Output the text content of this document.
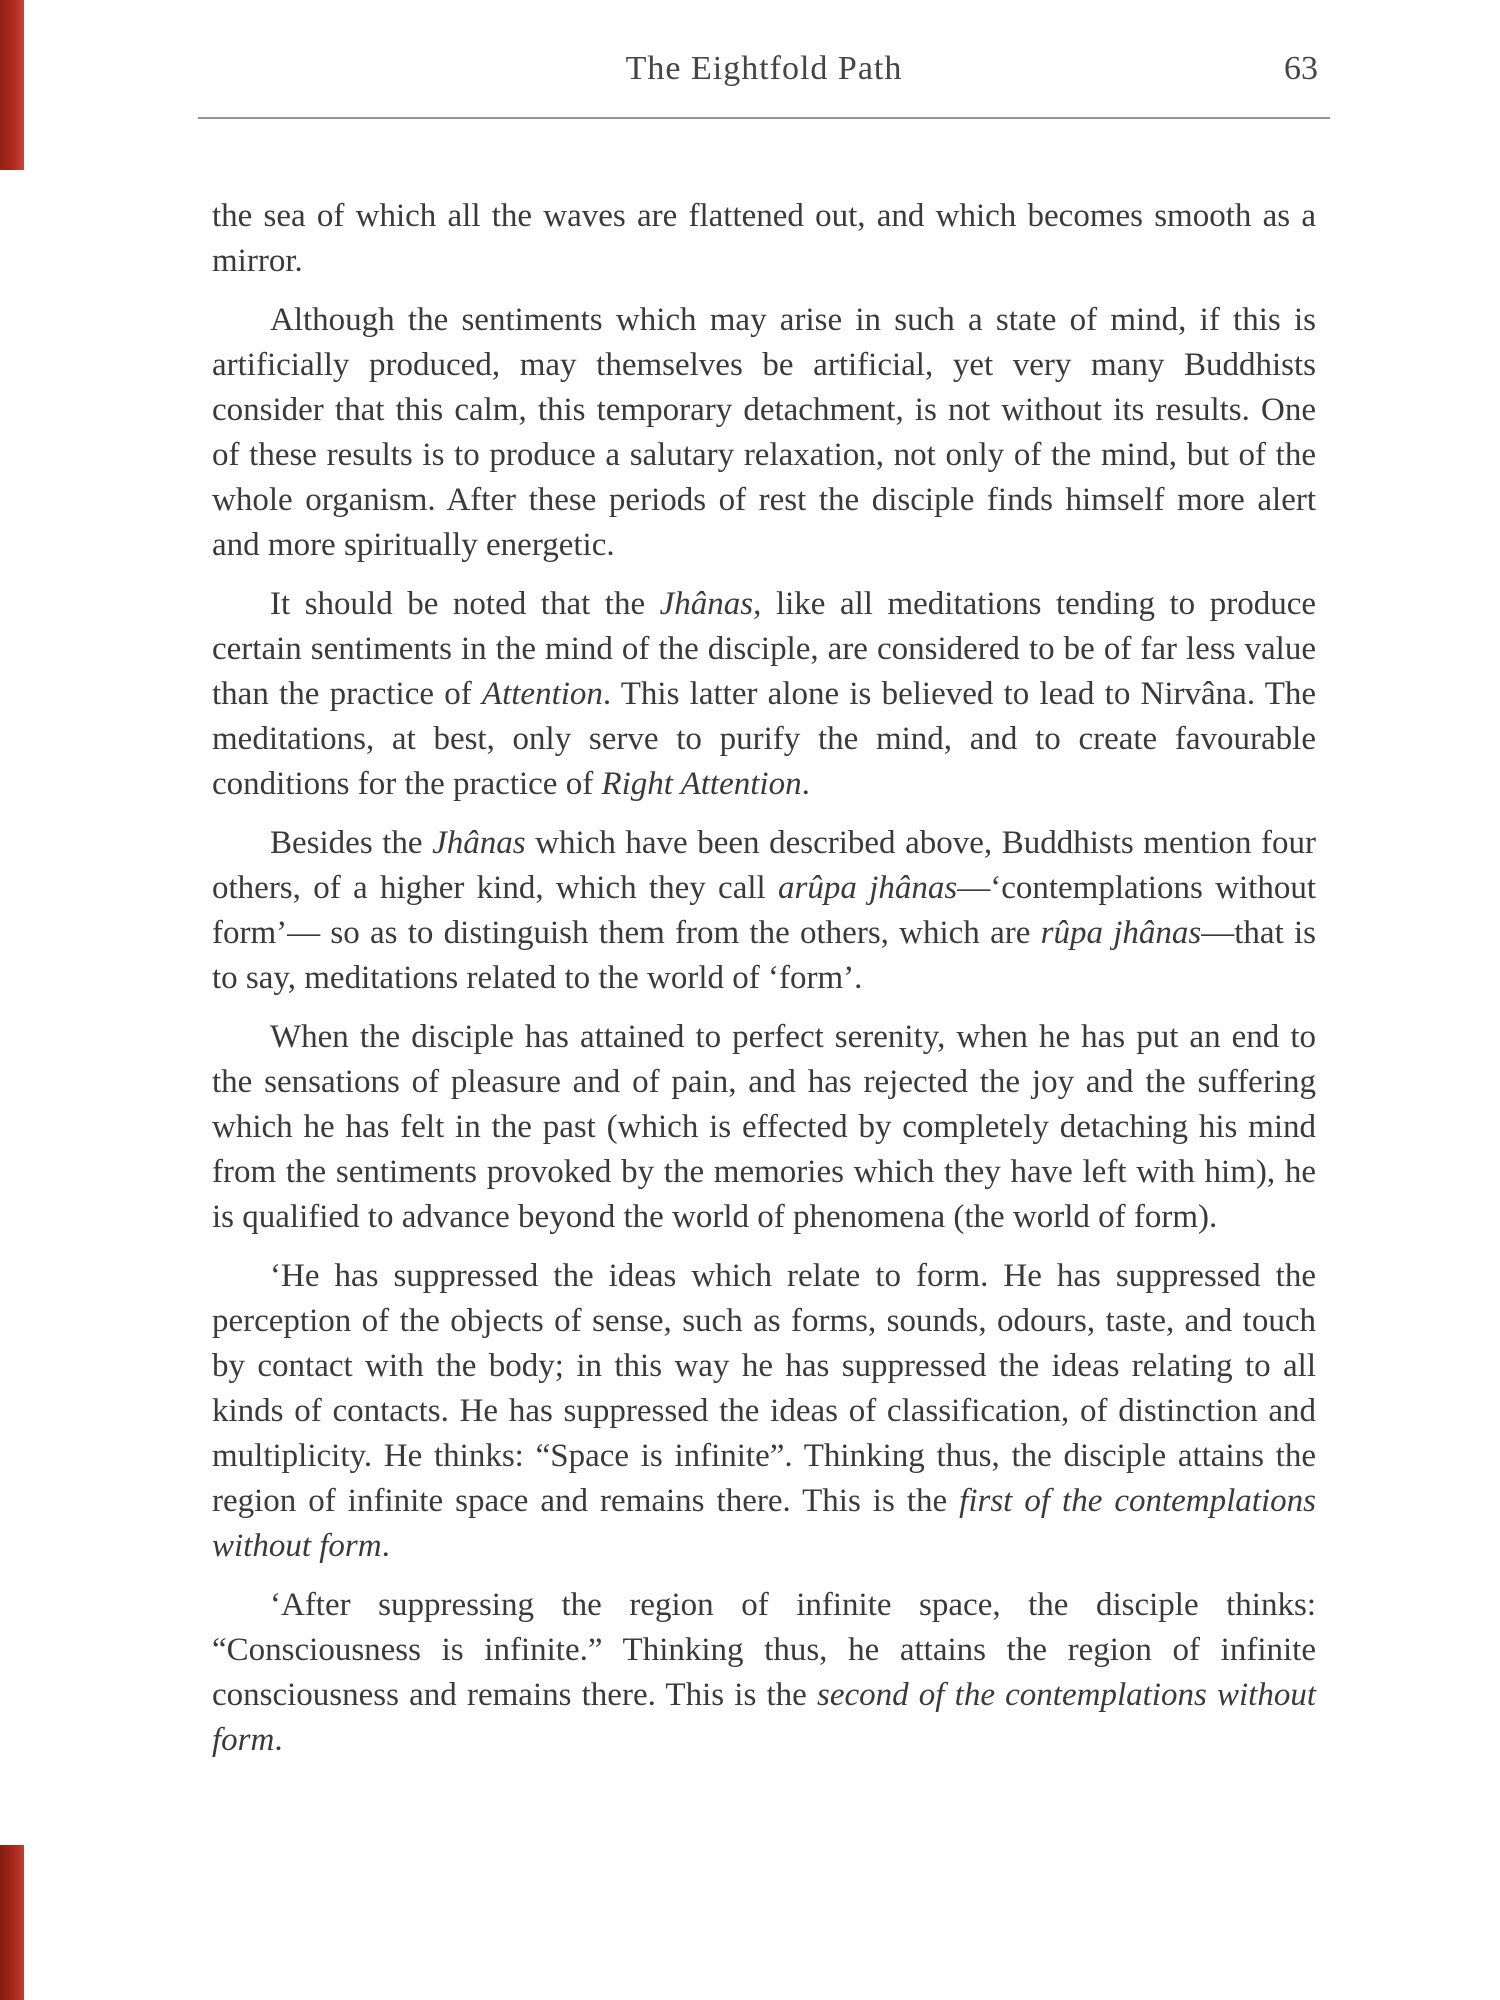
The Eightfold Path	63

the sea of which all the waves are flattened out, and which becomes smooth as a mirror.

Although the sentiments which may arise in such a state of mind, if this is artificially produced, may themselves be artificial, yet very many Buddhists consider that this calm, this temporary detachment, is not without its results. One of these results is to produce a salutary relaxation, not only of the mind, but of the whole organism. After these periods of rest the disciple finds himself more alert and more spiritually energetic.

It should be noted that the Jhânas, like all meditations tending to produce certain sentiments in the mind of the disciple, are considered to be of far less value than the practice of Attention. This latter alone is believed to lead to Nirvâna. The meditations, at best, only serve to purify the mind, and to create favourable conditions for the practice of Right Attention.

Besides the Jhânas which have been described above, Buddhists mention four others, of a higher kind, which they call arûpa jhânas—‘contemplations without form’— so as to distinguish them from the others, which are rûpa jhânas—that is to say, meditations related to the world of ‘form’.

When the disciple has attained to perfect serenity, when he has put an end to the sensations of pleasure and of pain, and has rejected the joy and the suffering which he has felt in the past (which is effected by completely detaching his mind from the sentiments provoked by the memories which they have left with him), he is qualified to advance beyond the world of phenomena (the world of form).

‘He has suppressed the ideas which relate to form. He has suppressed the perception of the objects of sense, such as forms, sounds, odours, taste, and touch by contact with the body; in this way he has suppressed the ideas relating to all kinds of contacts. He has suppressed the ideas of classification, of distinction and multiplicity. He thinks: “Space is infinite”. Thinking thus, the disciple attains the region of infinite space and remains there. This is the first of the contemplations without form.

‘After suppressing the region of infinite space, the disciple thinks: “Consciousness is infinite.” Thinking thus, he attains the region of infinite consciousness and remains there. This is the second of the contemplations without form.
